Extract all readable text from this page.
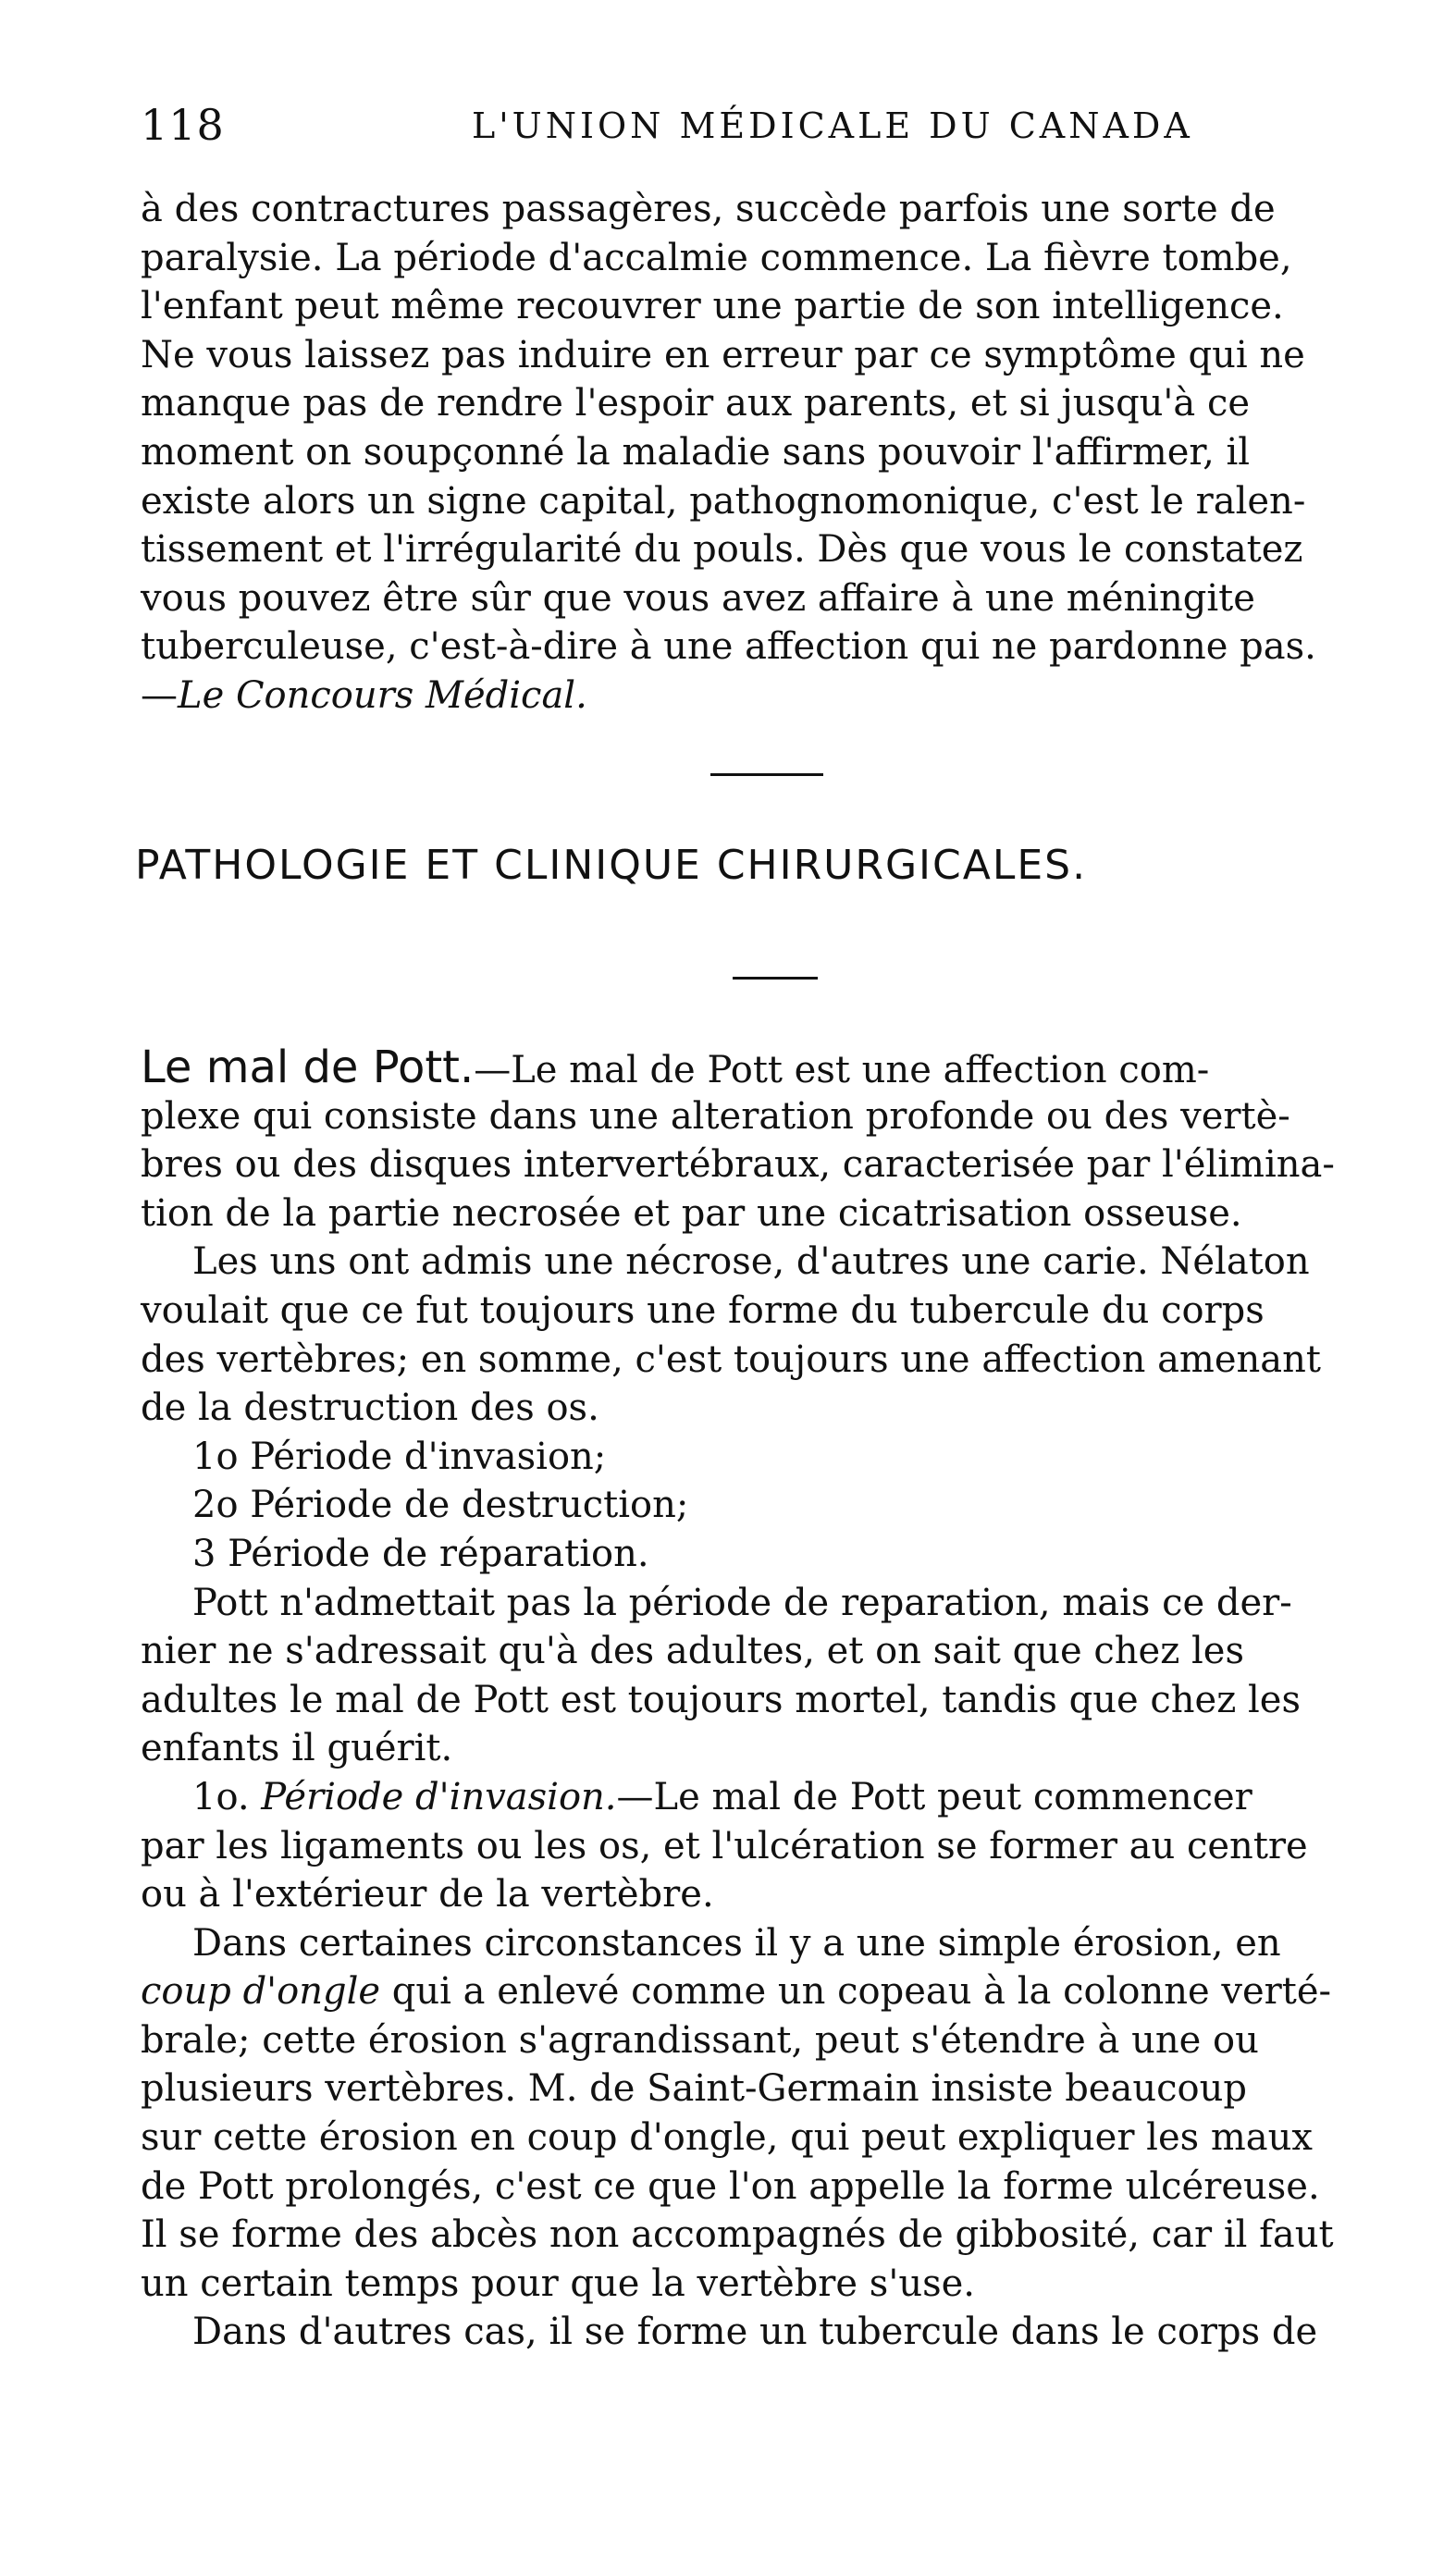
118	L'UNION MÉDICALE DU CANADA
à des contractures passagères, succède parfois une sorte de
paralysie. La période d'accalmie commence. La fièvre tombe,
l'enfant peut même recouvrer une partie de son intelligence.
Ne vous laissez pas induire en erreur par ce symptôme qui ne
manque pas de rendre l'espoir aux parents, et si jusqu'à ce
moment on soupçonné la maladie sans pouvoir l'affirmer, il
existe alors un signe capital, pathognomonique, c'est le ralen-
tissement et l'irrégularité du pouls. Dès que vous le constatez
vous pouvez être sûr que vous avez affaire à une méningite
tuberculeuse, c'est-à-dire à une affection qui ne pardonne pas.
—Le Concours Médical.
PATHOLOGIE ET CLINIQUE CHIRURGICALES.
Le mal de Pott.—Le mal de Pott est une affection com-
plexe qui consiste dans une alteration profonde ou des vertè-
bres ou des disques intervertébraux, caracterisée par l'élimina-
tion de la partie necrosée et par une cicatrisation osseuse.
Les uns ont admis une nécrose, d'autres une carie. Nélaton
voulait que ce fut toujours une forme du tubercule du corps
des vertèbres; en somme, c'est toujours une affection amenant
de la destruction des os.
1o Période d'invasion;
2o Période de destruction;
3 Période de réparation.
Pott n'admettait pas la période de reparation, mais ce der-
nier ne s'adressait qu'à des adultes, et on sait que chez les
adultes le mal de Pott est toujours mortel, tandis que chez les
enfants il guérit.
1o. Période d'invasion.—Le mal de Pott peut commencer
par les ligaments ou les os, et l'ulcération se former au centre
ou à l'extérieur de la vertèbre.
Dans certaines circonstances il y a une simple érosion, en
coup d'ongle qui a enlevé comme un copeau à la colonne verté-
brale; cette érosion s'agrandissant, peut s'étendre à une ou
plusieurs vertèbres. M. de Saint-Germain insiste beaucoup
sur cette érosion en coup d'ongle, qui peut expliquer les maux
de Pott prolongés, c'est ce que l'on appelle la forme ulcéreuse.
Il se forme des abcès non accompagnés de gibbosité, car il faut
un certain temps pour que la vertèbre s'use.
Dans d'autres cas, il se forme un tubercule dans le corps de
